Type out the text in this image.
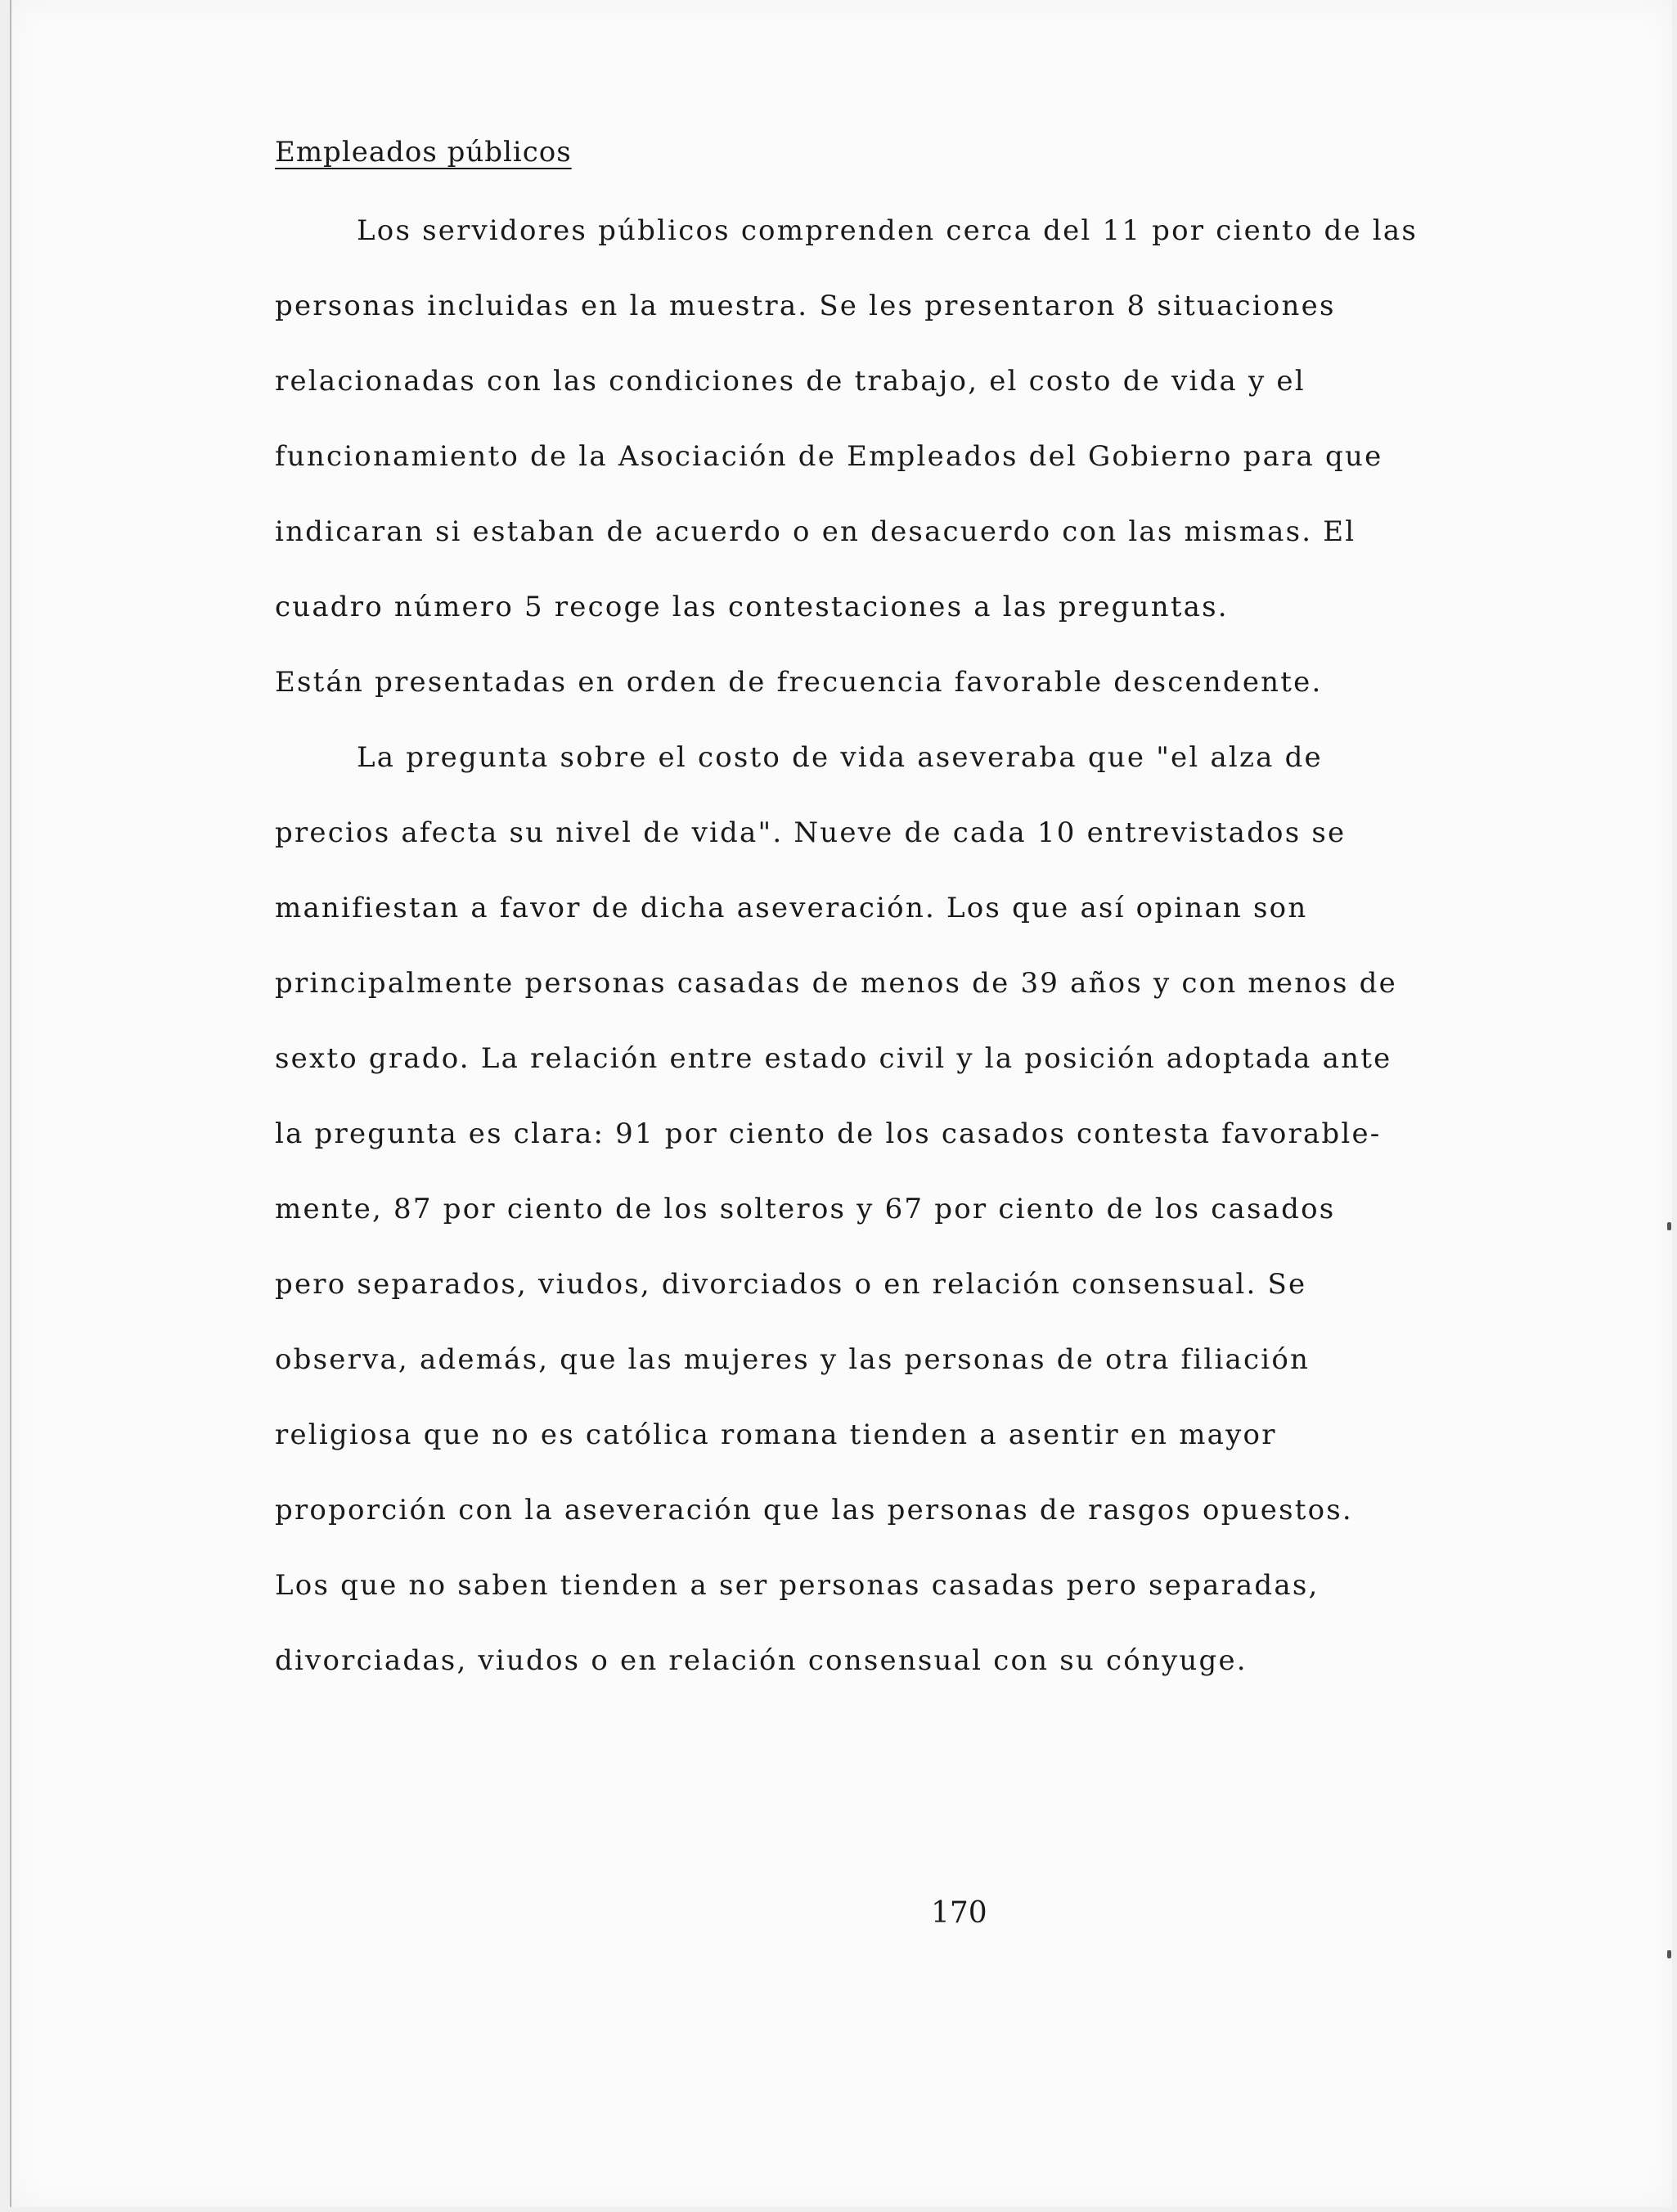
Empleados públicos
Los servidores públicos comprenden cerca del 11 por ciento de las
personas incluidas en la muestra. Se les presentaron 8 situaciones
relacionadas con las condiciones de trabajo, el costo de vida y el
funcionamiento de la Asociación de Empleados del Gobierno para que
indicaran si estaban de acuerdo o en desacuerdo con las mismas. El
cuadro número 5 recoge las contestaciones a las preguntas.
Están presentadas en orden de frecuencia favorable descendente.
La pregunta sobre el costo de vida aseveraba que "el alza de
precios afecta su nivel de vida". Nueve de cada 10 entrevistados se
manifiestan a favor de dicha aseveración. Los que así opinan son
principalmente personas casadas de menos de 39 años y con menos de
sexto grado. La relación entre estado civil y la posición adoptada ante
la pregunta es clara: 91 por ciento de los casados contesta favorable-
mente, 87 por ciento de los solteros y 67 por ciento de los casados
pero separados, viudos, divorciados o en relación consensual. Se
observa, además, que las mujeres y las personas de otra filiación
religiosa que no es católica romana tienden a asentir en mayor
proporción con la aseveración que las personas de rasgos opuestos.
Los que no saben tienden a ser personas casadas pero separadas,
divorciadas, viudos o en relación consensual con su cónyuge.
170
